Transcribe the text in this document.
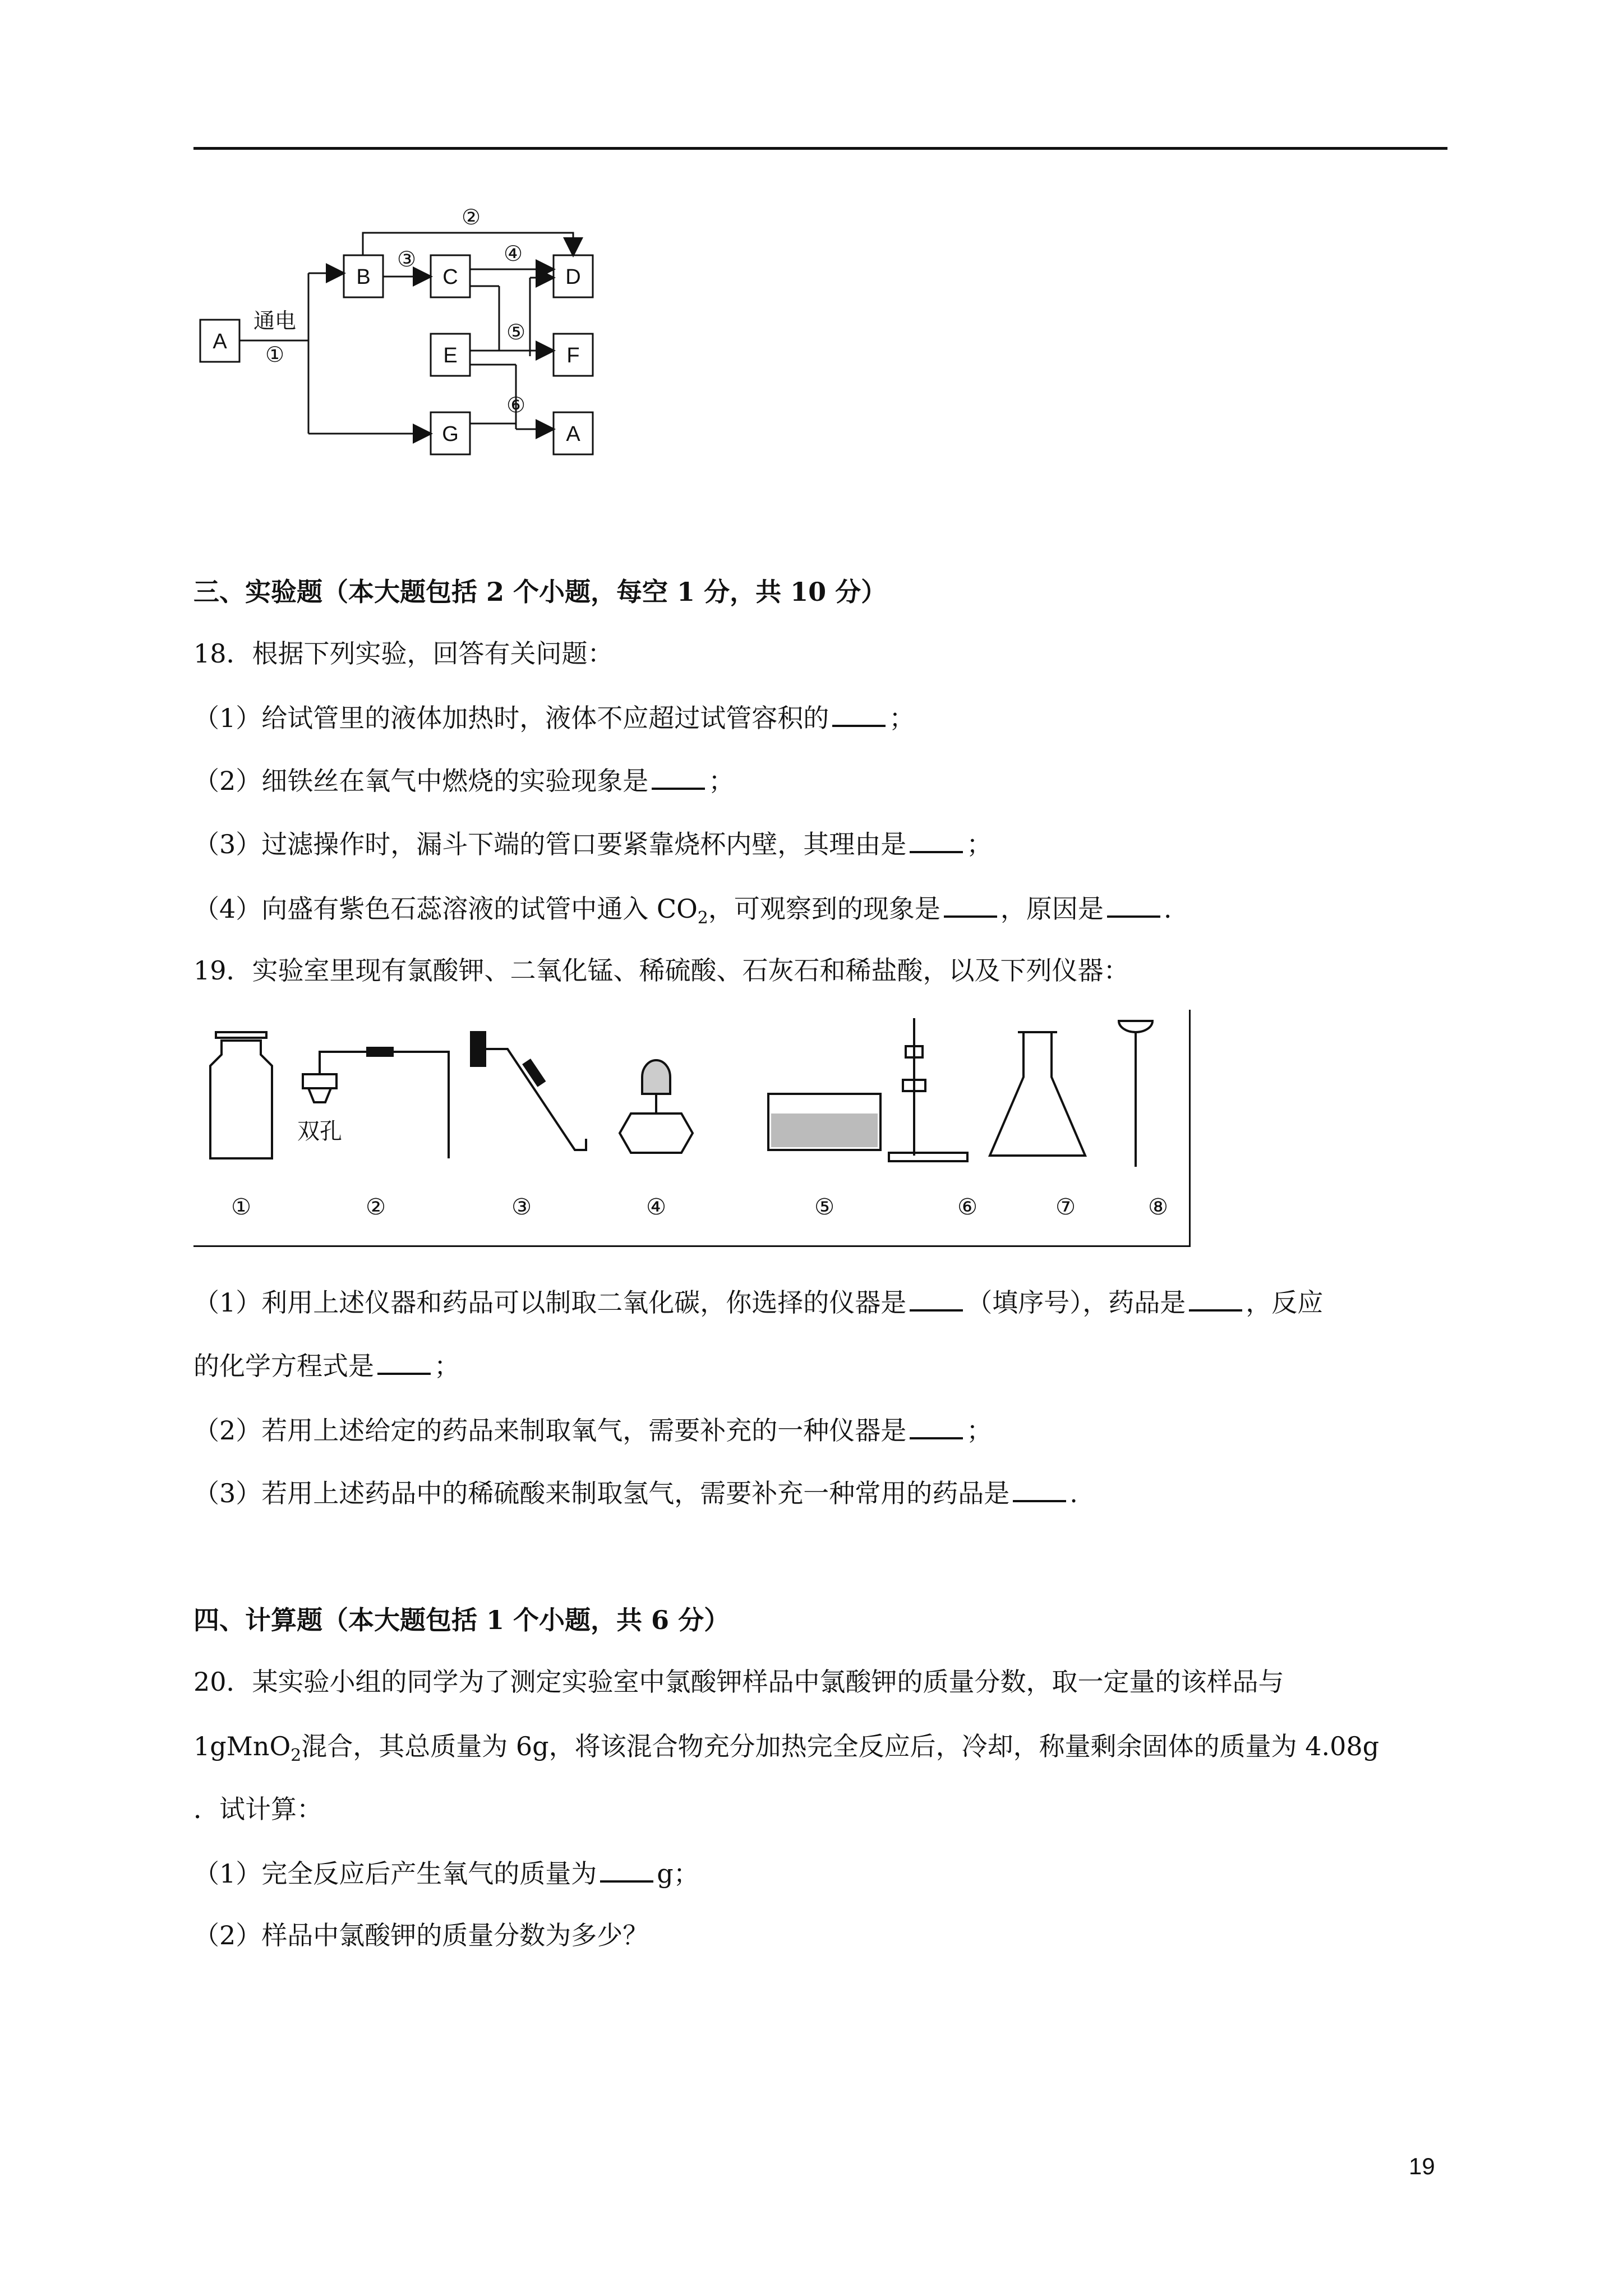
A
B	C	D
E	F
G	A
通电
①
②
③	④
⑤
⑥
三、实验题（本大题包括 2 个小题，每空 1 分，共 10 分）
18．根据下列实验，回答有关问题：
（1）给试管里的液体加热时，液体不应超过试管容积的 ；
（2）细铁丝在氧气中燃烧的实验现象是 ；
（3）过滤操作时，漏斗下端的管口要紧靠烧杯内壁，其理由是 ；
（4）向盛有紫色石蕊溶液的试管中通入 $CO_2$，可观察到的现象是 ，原因是 .
19．实验室里现有氯酸钾、二氧化锰、稀硫酸、石灰石和稀盐酸，以及下列仪器：
双孔
①	②	③	④	⑤	⑥	⑦	⑧
（1）利用上述仪器和药品可以制取二氧化碳，你选择的仪器是 （填序号），药品是 ，反应
的化学方程式是 ；
（2）若用上述给定的药品来制取氧气，需要补充的一种仪器是 ；
（3）若用上述药品中的稀硫酸来制取氢气，需要补充一种常用的药品是 .
四、计算题（本大题包括 1 个小题，共 6 分）
20．某实验小组的同学为了测定实验室中氯酸钾样品中氯酸钾的质量分数，取一定量的该样品与
1gMnO$_2$混合，其总质量为 6g，将该混合物充分加热完全反应后，冷却，称量剩余固体的质量为 4.08g
．试计算：
（1）完全反应后产生氧气的质量为 g；
（2）样品中氯酸钾的质量分数为多少？
19
